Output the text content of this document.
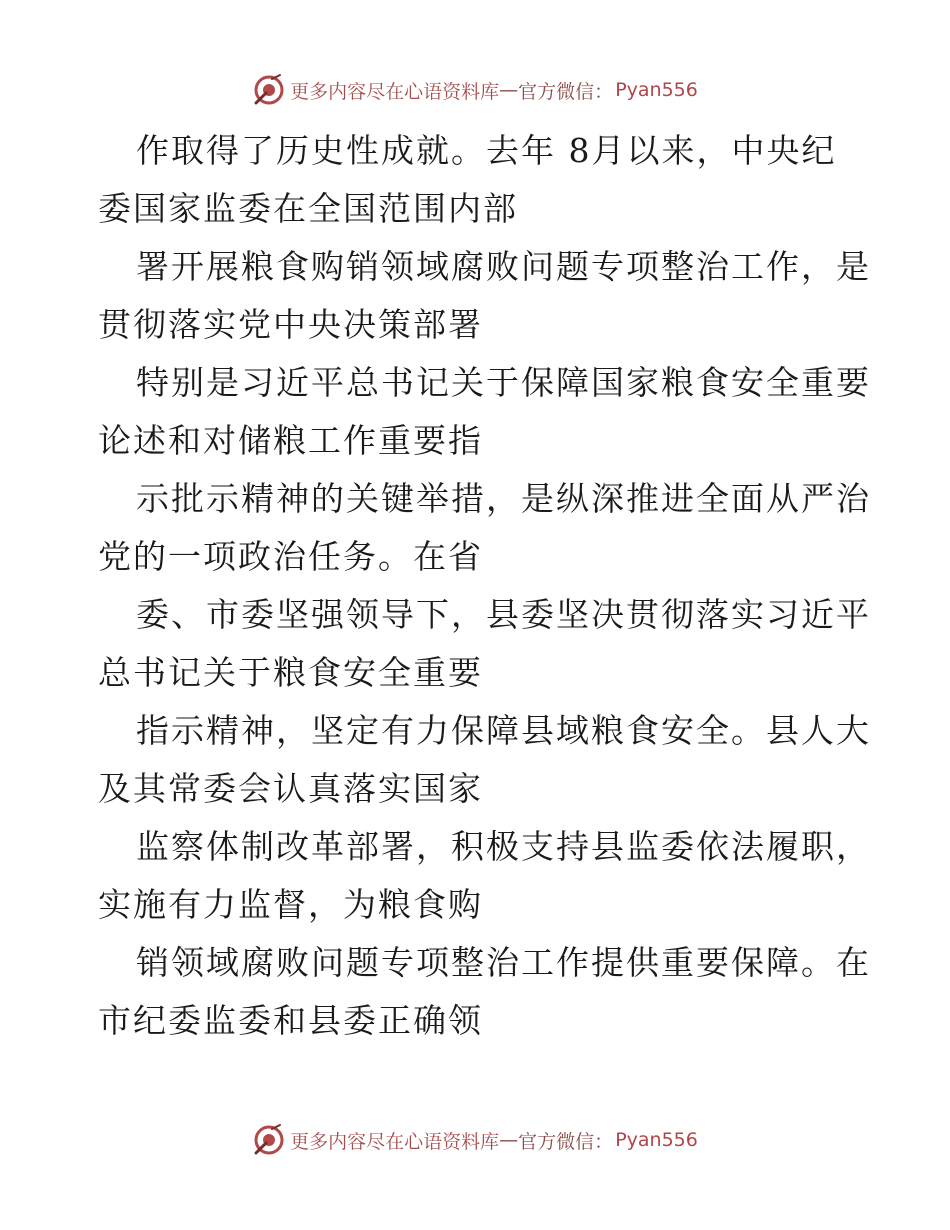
更多内容尽在心语资料库 — 官方微信： Pyan556
作取得了历史性成就。去年 8月以来，中央纪
委国家监委在全国范围内部
署开展粮食购销领域腐败问题专项整治工作，是
贯彻落实党中央决策部署
特别是习近平总书记关于保障国家粮食安全重要
论述和对储粮工作重要指
示批示精神的关键举措，是纵深推进全面从严治
党的一项政治任务。在省
委、市委坚强领导下，县委坚决贯彻落实习近平
总书记关于粮食安全重要
指示精神，坚定有力保障县域粮食安全。县人大
及其常委会认真落实国家
监察体制改革部署，积极支持县监委依法履职，
实施有力监督，为粮食购
销领域腐败问题专项整治工作提供重要保障。在
市纪委监委和县委正确领
更多内容尽在心语资料库 — 官方微信： Pyan556
